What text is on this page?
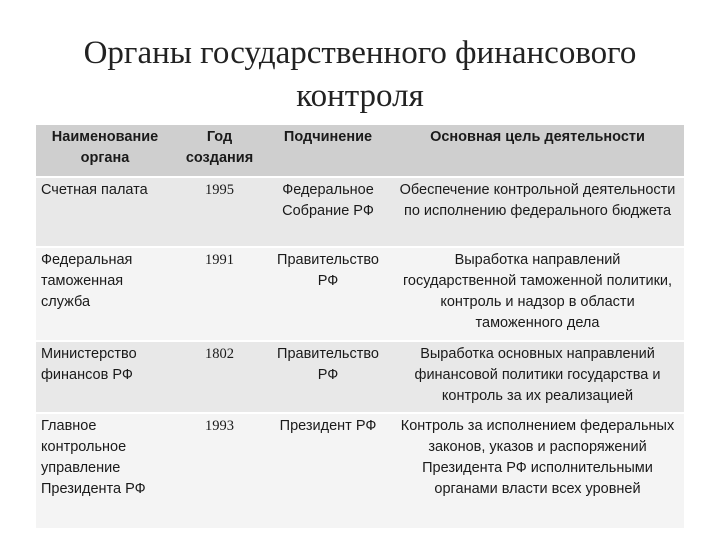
Органы государственного финансового
контроля
Наименование органа	Год создания	Подчинение	Основная цель деятельности
Счетная палата	1995	Федеральное Собрание РФ	Обеспечение контрольной деятельности по исполнению федерального бюджета
Федеральная таможенная служба	1991	Правительство РФ	Выработка направлений государственной таможенной политики, контроль и надзор в области таможенного дела
Министерство финансов РФ	1802	Правительство РФ	Выработка основных направлений финансовой политики государства и контроль за их реализацией
Главное контрольное управление Президента РФ	1993	Президент РФ	Контроль за исполнением федеральных законов, указов и распоряжений Президента РФ исполнительными органами власти всех уровней
